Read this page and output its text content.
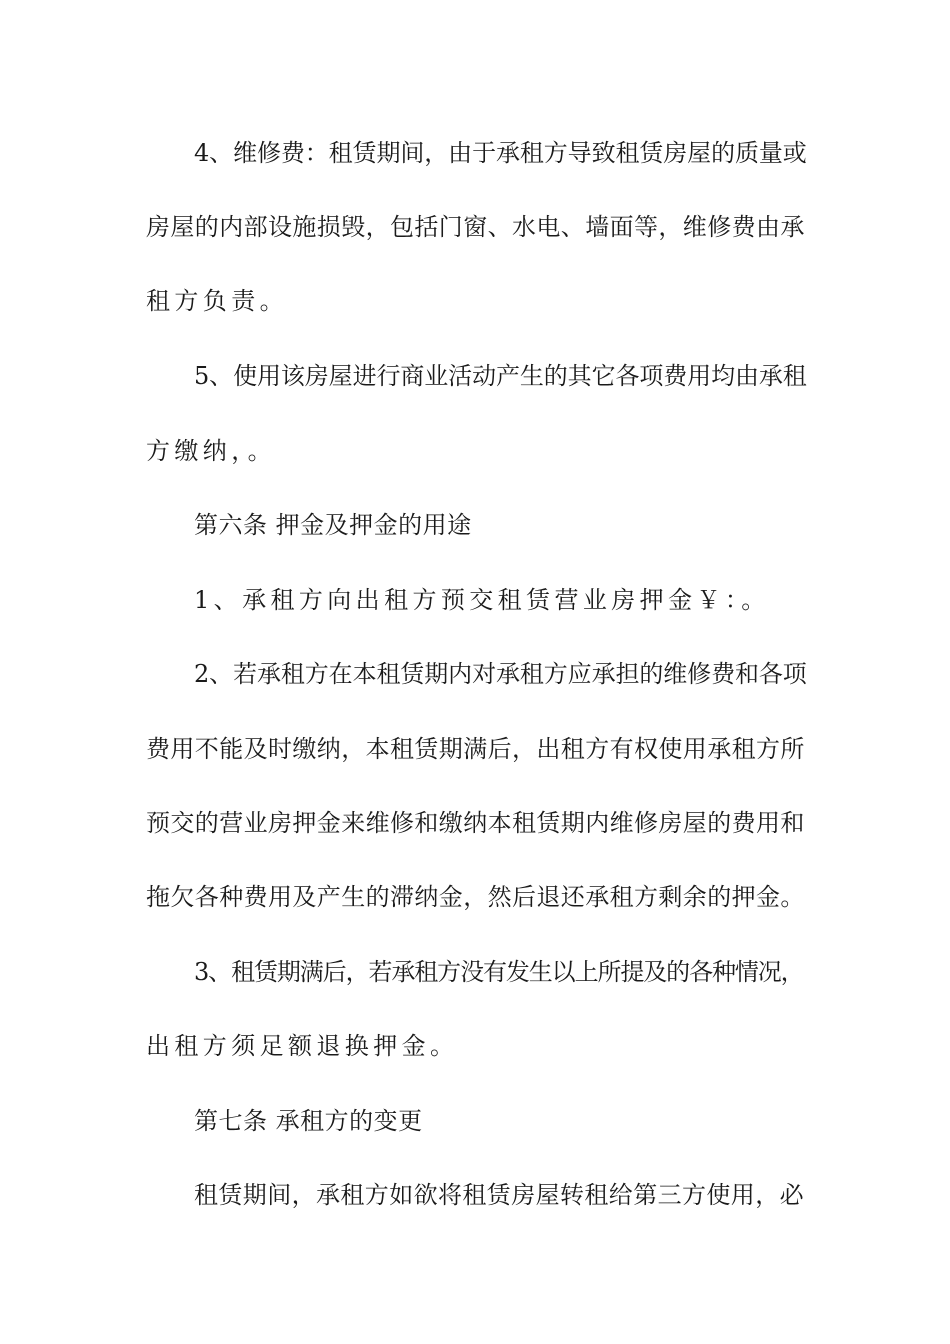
4、维修费：租赁期间，由于承租方导致租赁房屋的质量或
房屋的内部设施损毁，包括门窗、水电、墙面等，维修费由承
租方负责。
5、使用该房屋进行商业活动产生的其它各项费用均由承租
方缴纳，。
第六条 押金及押金的用途
1、承租方向出租方预交租赁营业房押金￥：。
2、若承租方在本租赁期内对承租方应承担的维修费和各项
费用不能及时缴纳，本租赁期满后，出租方有权使用承租方所
预交的营业房押金来维修和缴纳本租赁期内维修房屋的费用和
拖欠各种费用及产生的滞纳金，然后退还承租方剩余的押金。
3、租赁期满后，若承租方没有发生以上所提及的各种情况，
出租方须足额退换押金。
第七条 承租方的变更
租赁期间，承租方如欲将租赁房屋转租给第三方使用，必
